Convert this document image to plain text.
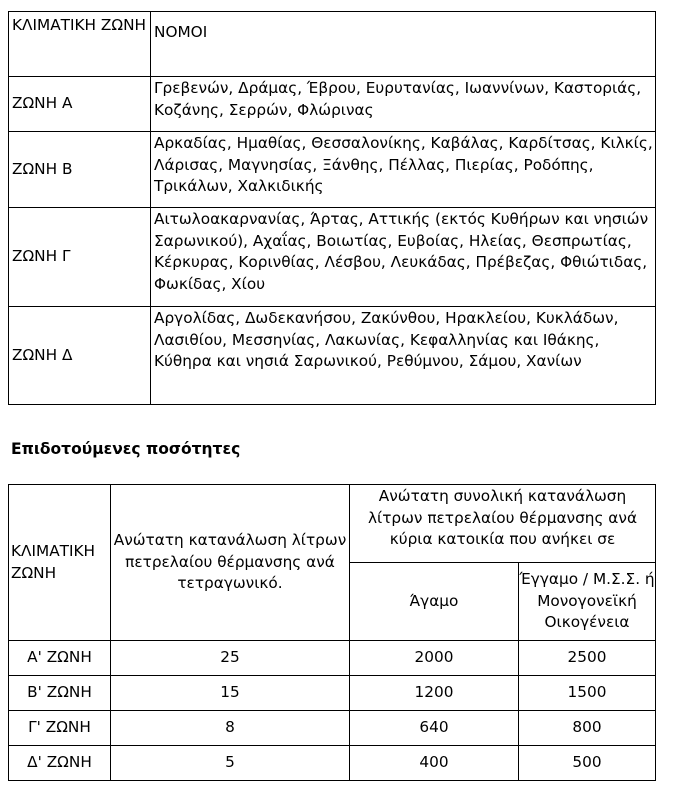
ΚΛΙΜΑΤΙΚΗ ΖΩΝΗ	ΝΟΜΟΙ
ΖΩΝΗ Α	Γρεβενών, Δράμας, Έβρου, Ευρυτανίας, Ιωαννίνων, Καστοριάς, Κοζάνης, Σερρών, Φλώρινας
ΖΩΝΗ Β	Αρκαδίας, Ημαθίας, Θεσσαλονίκης, Καβάλας, Καρδίτσας, Κιλκίς, Λάρισας, Μαγνησίας, Ξάνθης, Πέλλας, Πιερίας, Ροδόπης, Τρικάλων, Χαλκιδικής
ΖΩΝΗ Γ	Αιτωλοακαρνανίας, Άρτας, Αττικής (εκτός Κυθήρων και νησιών Σαρωνικού), Αχαΐας, Βοιωτίας, Ευβοίας, Ηλείας, Θεσπρωτίας, Κέρκυρας, Κορινθίας, Λέσβου, Λευκάδας, Πρέβεζας, Φθιώτιδας, Φωκίδας, Χίου
ΖΩΝΗ Δ	Αργολίδας, Δωδεκανήσου, Ζακύνθου, Ηρακλείου, Κυκλάδων, Λασιθίου, Μεσσηνίας, Λακωνίας, Κεφαλληνίας και Ιθάκης, Κύθηρα και νησιά Σαρωνικού, Ρεθύμνου, Σάμου, Χανίων
Επιδοτούμενες ποσότητες
ΚΛΙΜΑΤΙΚΗ ΖΩΝΗ	Ανώτατη κατανάλωση λίτρων πετρελαίου θέρμανσης ανά τετραγωνικό.	Ανώτατη συνολική κατανάλωση λίτρων πετρελαίου θέρμανσης ανά κύρια κατοικία που ανήκει σε	
		Άγαμο	Έγγαμο / Μ.Σ.Σ. ή Μονογονεϊκή Οικογένεια
Α' ΖΩΝΗ	25	2000	2500
Β' ΖΩΝΗ	15	1200	1500
Γ' ΖΩΝΗ	8	640	800
Δ' ΖΩΝΗ	5	400	500
